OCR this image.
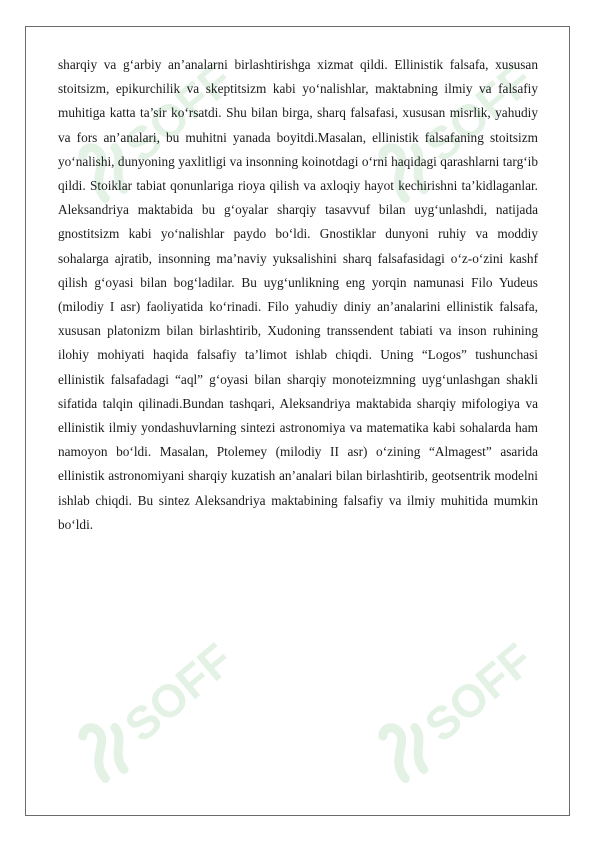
SOFF	SOFF
SOFF	SOFF

sharqiy va g‘arbiy an’analarni birlashtirishga xizmat qildi. Ellinistik falsafa, xususan stoitsizm, epikurchilik va skeptitsizm kabi yo‘nalishlar, maktabning ilmiy va falsafiy muhitiga katta ta’sir ko‘rsatdi. Shu bilan birga, sharq falsafasi, xususan misrlik, yahudiy va fors an’analari, bu muhitni yanada boyitdi.Masalan, ellinistik falsafaning stoitsizm yo‘nalishi, dunyoning yaxlitligi va insonning koinotdagi o‘rni haqidagi qarashlarni targ‘ib qildi. Stoiklar tabiat qonunlariga rioya qilish va axloqiy hayot kechirishni ta’kidlaganlar. Aleksandriya maktabida bu g‘oyalar sharqiy tasavvuf bilan uyg‘unlashdi, natijada gnostitsizm kabi yo‘nalishlar paydo bo‘ldi. Gnostiklar dunyoni ruhiy va moddiy sohalarga ajratib, insonning ma’naviy yuksalishini sharq falsafasidagi o‘z-o‘zini kashf qilish g‘oyasi bilan bog‘ladilar. Bu uyg‘unlikning eng yorqin namunasi Filo Yudeus (milodiy I asr) faoliyatida ko‘rinadi. Filo yahudiy diniy an’analarini ellinistik falsafa, xususan platonizm bilan birlashtirib, Xudoning transsendent tabiati va inson ruhining ilohiy mohiyati haqida falsafiy ta’limot ishlab chiqdi. Uning “Logos” tushunchasi ellinistik falsafadagi “aql” g‘oyasi bilan sharqiy monoteizmning uyg‘unlashgan shakli sifatida talqin qilinadi.Bundan tashqari, Aleksandriya maktabida sharqiy mifologiya va ellinistik ilmiy yondashuvlarning sintezi astronomiya va matematika kabi sohalarda ham namoyon bo‘ldi. Masalan, Ptolemey (milodiy II asr) o‘zining “Almagest” asarida ellinistik astronomiyani sharqiy kuzatish an’analari bilan birlashtirib, geotsentrik modelni ishlab chiqdi. Bu sintez Aleksandriya maktabining falsafiy va ilmiy muhitida mumkin bo‘ldi.
